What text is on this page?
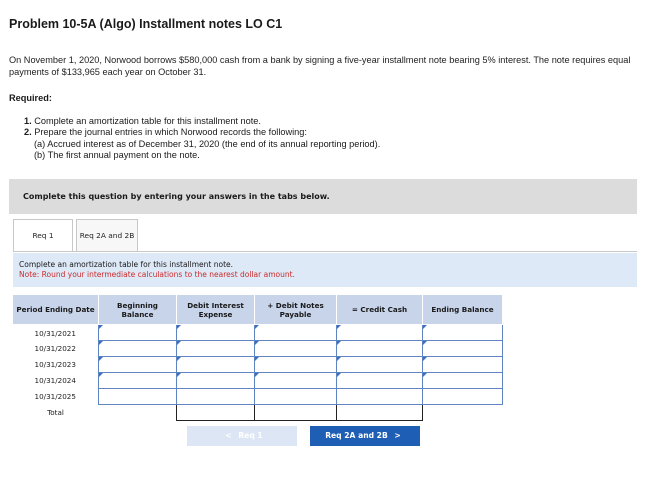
Problem 10-5A (Algo) Installment notes LO C1
On November 1, 2020, Norwood borrows $580,000 cash from a bank by signing a five-year installment note bearing 5% interest. The note requires equal payments of $133,965 each year on October 31.
Required:
1. Complete an amortization table for this installment note.
2. Prepare the journal entries in which Norwood records the following:
(a) Accrued interest as of December 31, 2020 (the end of its annual reporting period).
(b) The first annual payment on the note.
Complete this question by entering your answers in the tabs below.
Req 1	Req 2A and 2B
Complete an amortization table for this installment note.
Note: Round your intermediate calculations to the nearest dollar amount.
Period Ending Date	Beginning Balance	Debit Interest Expense	+ Debit Notes Payable	= Credit Cash	Ending Balance
10/31/2021					
10/31/2022					
10/31/2023					
10/31/2024					
10/31/2025					
Total					
< Req 1	Req 2A and 2B >
